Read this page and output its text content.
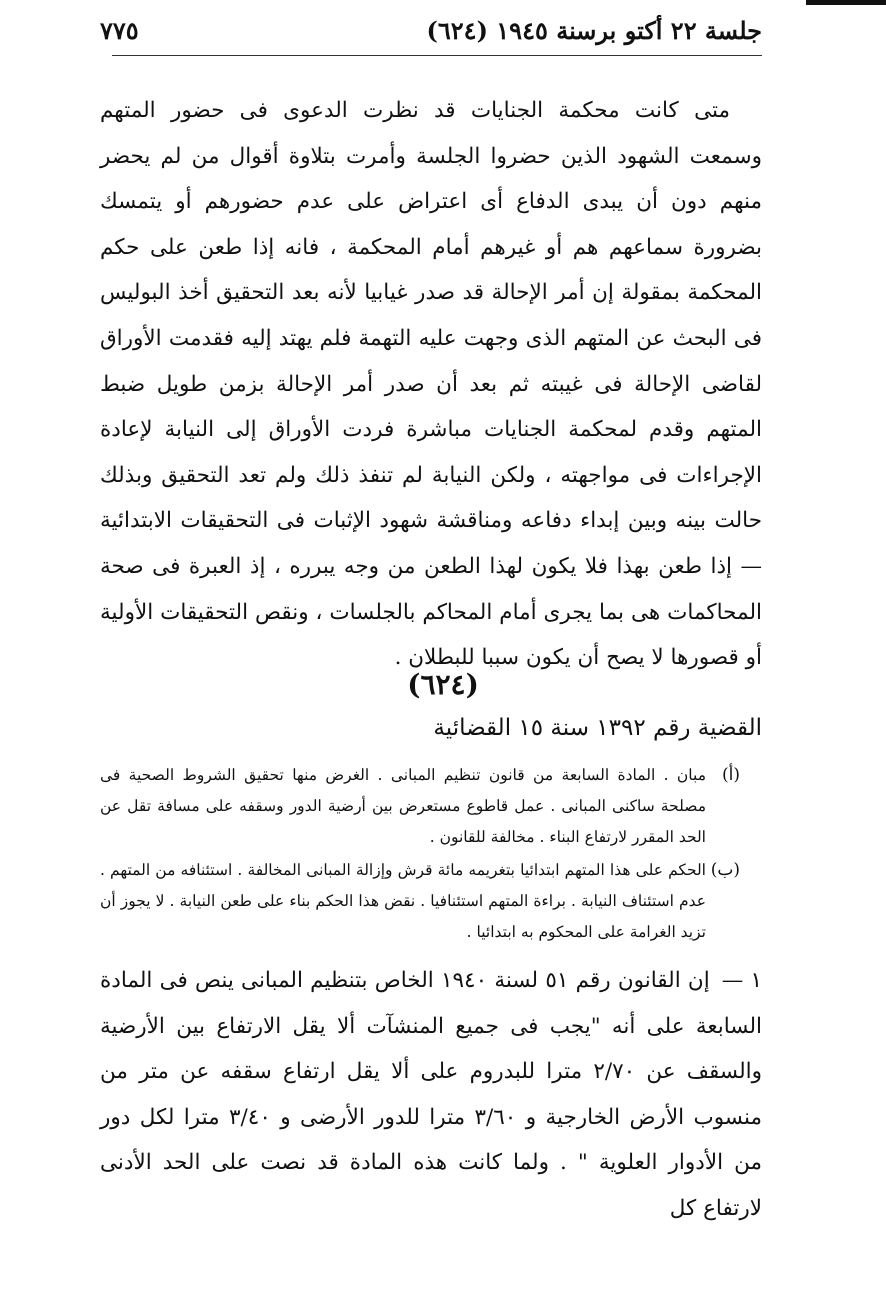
جلسة ٢٢ أكتو برسنة ١٩٤٥ (٦٢٤)
٧٧٥

متى كانت محكمة الجنايات قد نظرت الدعوى فى حضور المتهم وسمعت الشهود الذين حضروا الجلسة وأمرت بتلاوة أقوال من لم يحضر منهم دون أن يبدى الدفاع أى اعتراض على عدم حضورهم أو يتمسك بضرورة سماعهم هم أو غيرهم أمام المحكمة ، فانه إذا طعن على حكم المحكمة بمقولة إن أمر الإحالة قد صدر غيابيا لأنه بعد التحقيق أخذ البوليس فى البحث عن المتهم الذى وجهت عليه التهمة فلم يهتد إليه فقدمت الأوراق لقاضى الإحالة فى غيبته ثم بعد أن صدر أمر الإحالة بزمن طويل ضبط المتهم وقدم لمحكمة الجنايات مباشرة فردت الأوراق إلى النيابة لإعادة الإجراءات فى مواجهته ، ولكن النيابة لم تنفذ ذلك ولم تعد التحقيق وبذلك حالت بينه وبين إبداء دفاعه ومناقشة شهود الإثبات فى التحقيقات الابتدائية — إذا طعن بهذا فلا يكون لهذا الطعن من وجه يبرره ، إذ العبرة فى صحة المحاكمات هى بما يجرى أمام المحاكم بالجلسات ، ونقص التحقيقات الأولية أو قصورها لا يصح أن يكون سببا للبطلان .

(٦٢٤)
القضية رقم ١٣٩٢ سنة ١٥ القضائية
(أ)
مبان . المادة السابعة من قانون تنظيم المبانى . الغرض منها تحقيق الشروط الصحية فى مصلحة ساكنى المبانى . عمل قاطوع مستعرض بين أرضية الدور وسقفه على مسافة تقل عن الحد المقرر لارتفاع البناء . مخالفة للقانون .
(ب)
الحكم على هذا المتهم ابتدائيا بتغريمه مائة قرش وإزالة المبانى المخالفة . استئنافه من المتهم . عدم استئناف النيابة . براءة المتهم استئنافيا . نقض هذا الحكم بناء على طعن النيابة . لا يجوز أن تزيد الغرامة على المحكوم به ابتدائيا .
١ —إن القانون رقم ٥١ لسنة ١٩٤٠ الخاص بتنظيم المبانى ينص فى المادة السابعة على أنه "يجب فى جميع المنشآت ألا يقل الارتفاع بين الأرضية والسقف عن ٢/٧٠ مترا للبدروم على ألا يقل ارتفاع سقفه عن متر من منسوب الأرض الخارجية و ٣/٦٠ مترا للدور الأرضى و ٣/٤٠ مترا لكل دور من الأدوار العلوية " . ولما كانت هذه المادة قد نصت على الحد الأدنى لارتفاع كل
